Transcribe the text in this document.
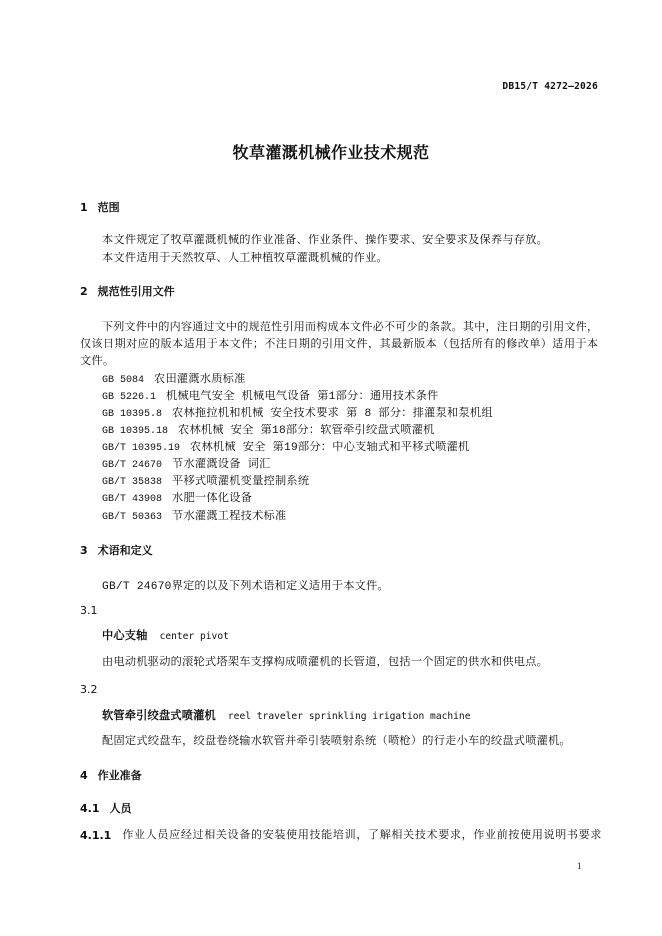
DB15/T 4272—2026
牧草灌溉机械作业技术规范
1 范围
本文件规定了牧草灌溉机械的作业准备、作业条件、操作要求、安全要求及保养与存放。
本文件适用于天然牧草、人工种植牧草灌溉机械的作业。
2 规范性引用文件
下列文件中的内容通过文中的规范性引用而构成本文件必不可少的条款。其中，注日期的引用文件，
仅该日期对应的版本适用于本文件；不注日期的引用文件，其最新版本（包括所有的修改单）适用于本
文件。
GB 5084 农田灌溉水质标准
GB 5226.1 机械电气安全 机械电气设备 第1部分：通用技术条件
GB 10395.8 农林拖拉机和机械 安全技术要求 第 8 部分：排灌泵和泵机组
GB 10395.18 农林机械 安全 第18部分：软管牵引绞盘式喷灌机
GB/T 10395.19 农林机械 安全 第19部分：中心支轴式和平移式喷灌机
GB/T 24670 节水灌溉设备 词汇
GB/T 35838 平移式喷灌机变量控制系统
GB/T 43908 水肥一体化设备
GB/T 50363 节水灌溉工程技术标准
3 术语和定义
GB/T 24670界定的以及下列术语和定义适用于本文件。
3.1
中心支轴 center pivot
由电动机驱动的滚轮式塔架车支撑构成喷灌机的长管道，包括一个固定的供水和供电点。
3.2
软管牵引绞盘式喷灌机 reel traveler sprinkling irigation machine
配固定式绞盘车，绞盘卷绕输水软管并牵引装喷射系统（喷枪）的行走小车的绞盘式喷灌机。
4 作业准备
4.1 人员
4.1.1 作业人员应经过相关设备的安装使用技能培训，了解相关技术要求，作业前按使用说明书要求
1
